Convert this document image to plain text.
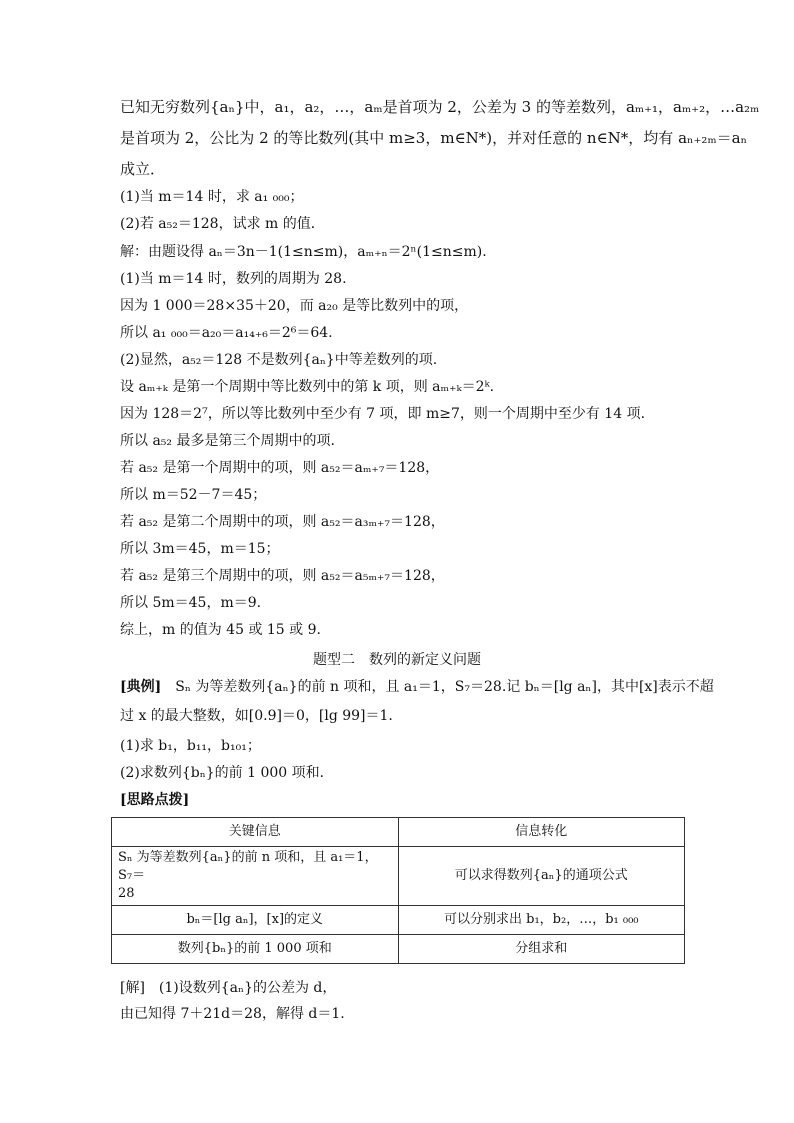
已知无穷数列{aₙ}中，a₁，a₂，…，aₘ是首项为 2，公差为 3 的等差数列，aₘ₊₁，aₘ₊₂，…a₂ₘ
是首项为 2，公比为 2 的等比数列(其中 m≥3，m∈N*)，并对任意的 n∈N*，均有 aₙ₊₂ₘ＝aₙ
成立．
(1)当 m＝14 时，求 a₁ ₀₀₀；
(2)若 a₅₂＝128，试求 m 的值．
解：由题设得 aₙ＝3n－1(1≤n≤m)，aₘ₊ₙ＝2ⁿ(1≤n≤m).
(1)当 m＝14 时，数列的周期为 28.
因为 1 000＝28×35＋20，而 a₂₀ 是等比数列中的项，
所以 a₁ ₀₀₀＝a₂₀＝a₁₄₊₆＝2⁶＝64.
(2)显然，a₅₂＝128 不是数列{aₙ}中等差数列的项.
设 aₘ₊ₖ 是第一个周期中等比数列中的第 k 项，则 aₘ₊ₖ＝2ᵏ.
因为 128＝2⁷，所以等比数列中至少有 7 项，即 m≥7，则一个周期中至少有 14 项.
所以 a₅₂ 最多是第三个周期中的项.
若 a₅₂ 是第一个周期中的项，则 a₅₂＝aₘ₊₇＝128，
所以 m＝52－7＝45；
若 a₅₂ 是第二个周期中的项，则 a₅₂＝a₃ₘ₊₇＝128，
所以 3m＝45，m＝15；
若 a₅₂ 是第三个周期中的项，则 a₅₂＝a₅ₘ₊₇＝128，
所以 5m＝45，m＝9.
综上，m 的值为 45 或 15 或 9.
题型二　数列的新定义问题
[典例]　Sₙ 为等差数列{aₙ}的前 n 项和，且 a₁＝1，S₇＝28.记 bₙ＝[lg aₙ]，其中[x]表示不超
过 x 的最大整数，如[0.9]＝0，[lg 99]＝1.
(1)求 b₁，b₁₁，b₁₀₁；
(2)求数列{bₙ}的前 1 000 项和．
[思路点拨]
关键信息	信息转化
Sₙ 为等差数列{aₙ}的前 n 项和，且 a₁＝1，S₇＝
28	可以求得数列{aₙ}的通项公式
bₙ＝[lg aₙ]，[x]的定义	可以分别求出 b₁，b₂，…，b₁ ₀₀₀
数列{bₙ}的前 1 000 项和	分组求和
[解]　(1)设数列{aₙ}的公差为 d，
由已知得 7＋21d＝28，解得 d＝1.
